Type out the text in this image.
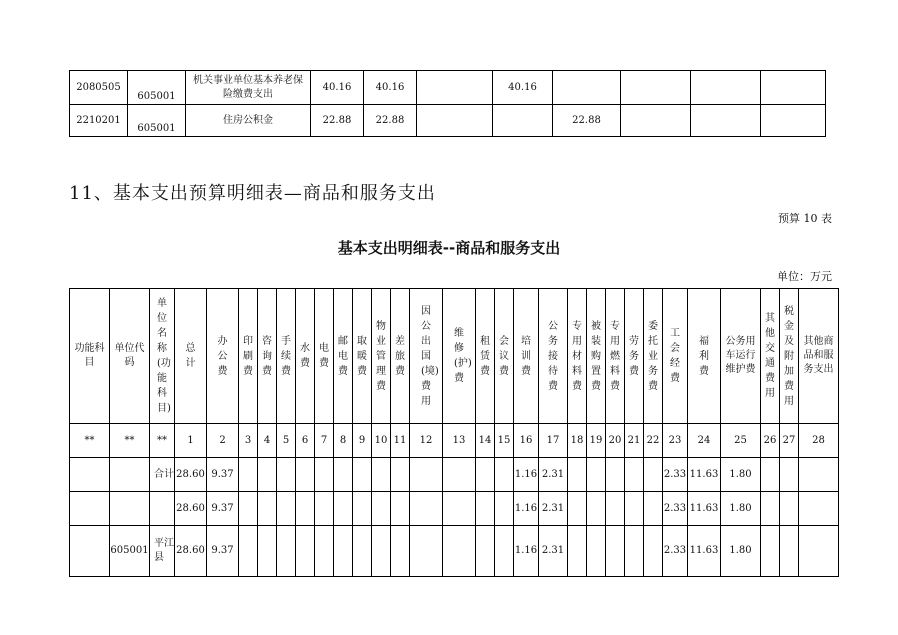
2080505	605001	机关事业单位基本养老保险缴费支出	40.16	40.16		40.16				
2210201	605001	住房公积金	22.88	22.88			22.88			
11、基本支出预算明细表—商品和服务支出
预算 10 表
基本支出明细表--商品和服务支出
单位：万元
功能科目	单位代码	单位名称(功能科目)	总计	办公费	印刷费	咨询费	手续费	水费	电费	邮电费	取暖费	物业管理费	差旅费	因公出国(境)费用	维修(护)费	租赁费	会议费	培训费	公务接待费	专用材料费	被装购置费	专用燃料费	劳务费	委托业务费	工会经费	福利费	公务用车运行维护费	其他交通费用	税金及附加费用	其他商品和服务支出

**	**	**	1	2	3	4	5	6	7	8	9	10	11	12	13	14	15	16	17	18	19	20	21	22	23	24	25	26	27	28
		合计	28.60	9.37														1.16	2.31						2.33	11.63	1.80			
			28.60	9.37														1.16	2.31						2.33	11.63	1.80			
	605001	平江县	28.60	9.37														1.16	2.31						2.33	11.63	1.80			
